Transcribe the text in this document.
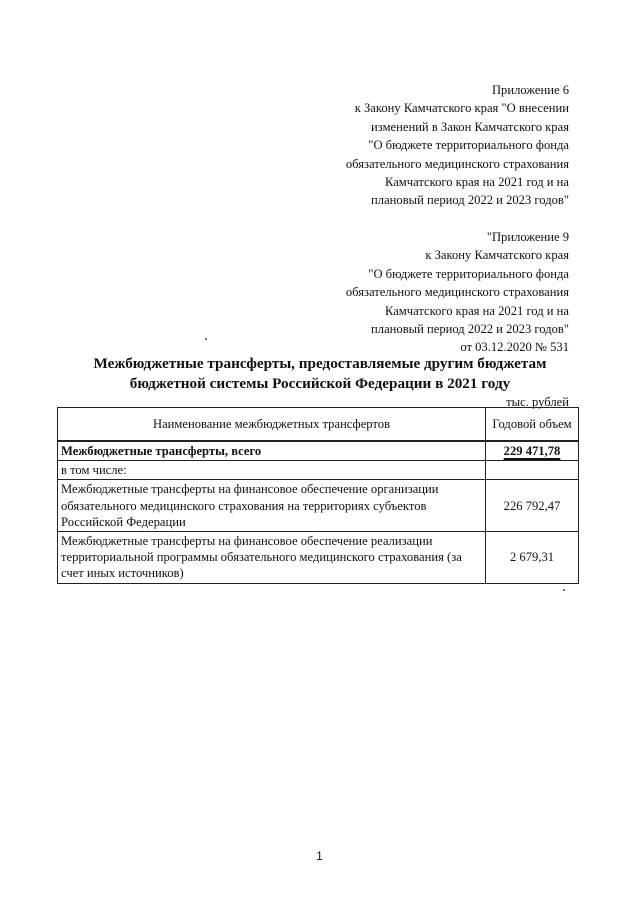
Приложение 6
к Закону Камчатского края "О внесении
изменений в Закон Камчатского края
"О бюджете территориального фонда
обязательного медицинского страхования
Камчатского края на 2021 год и на
плановый период 2022 и 2023 годов"
"Приложение 9
к Закону Камчатского края
"О бюджете территориального фонда
обязательного медицинского страхования
Камчатского края на 2021 год и на
плановый период 2022 и 2023 годов"
от 03.12.2020 № 531
Межбюджетные трансферты, предоставляемые другим бюджетам
бюджетной системы Российской Федерации в 2021 году
тыс. рублей
Наименование межбюджетных трансфертов	Годовой объем
Межбюджетные трансферты, всего	229 471,78
в том числе:	
Межбюджетные трансферты на финансовое обеспечение организации обязательного медицинского страхования на территориях субъектов Российской Федерации	226 792,47
Межбюджетные трансферты на финансовое обеспечение реализации территориальной программы обязательного медицинского страхования (за счет иных источников)	2 679,31
1
